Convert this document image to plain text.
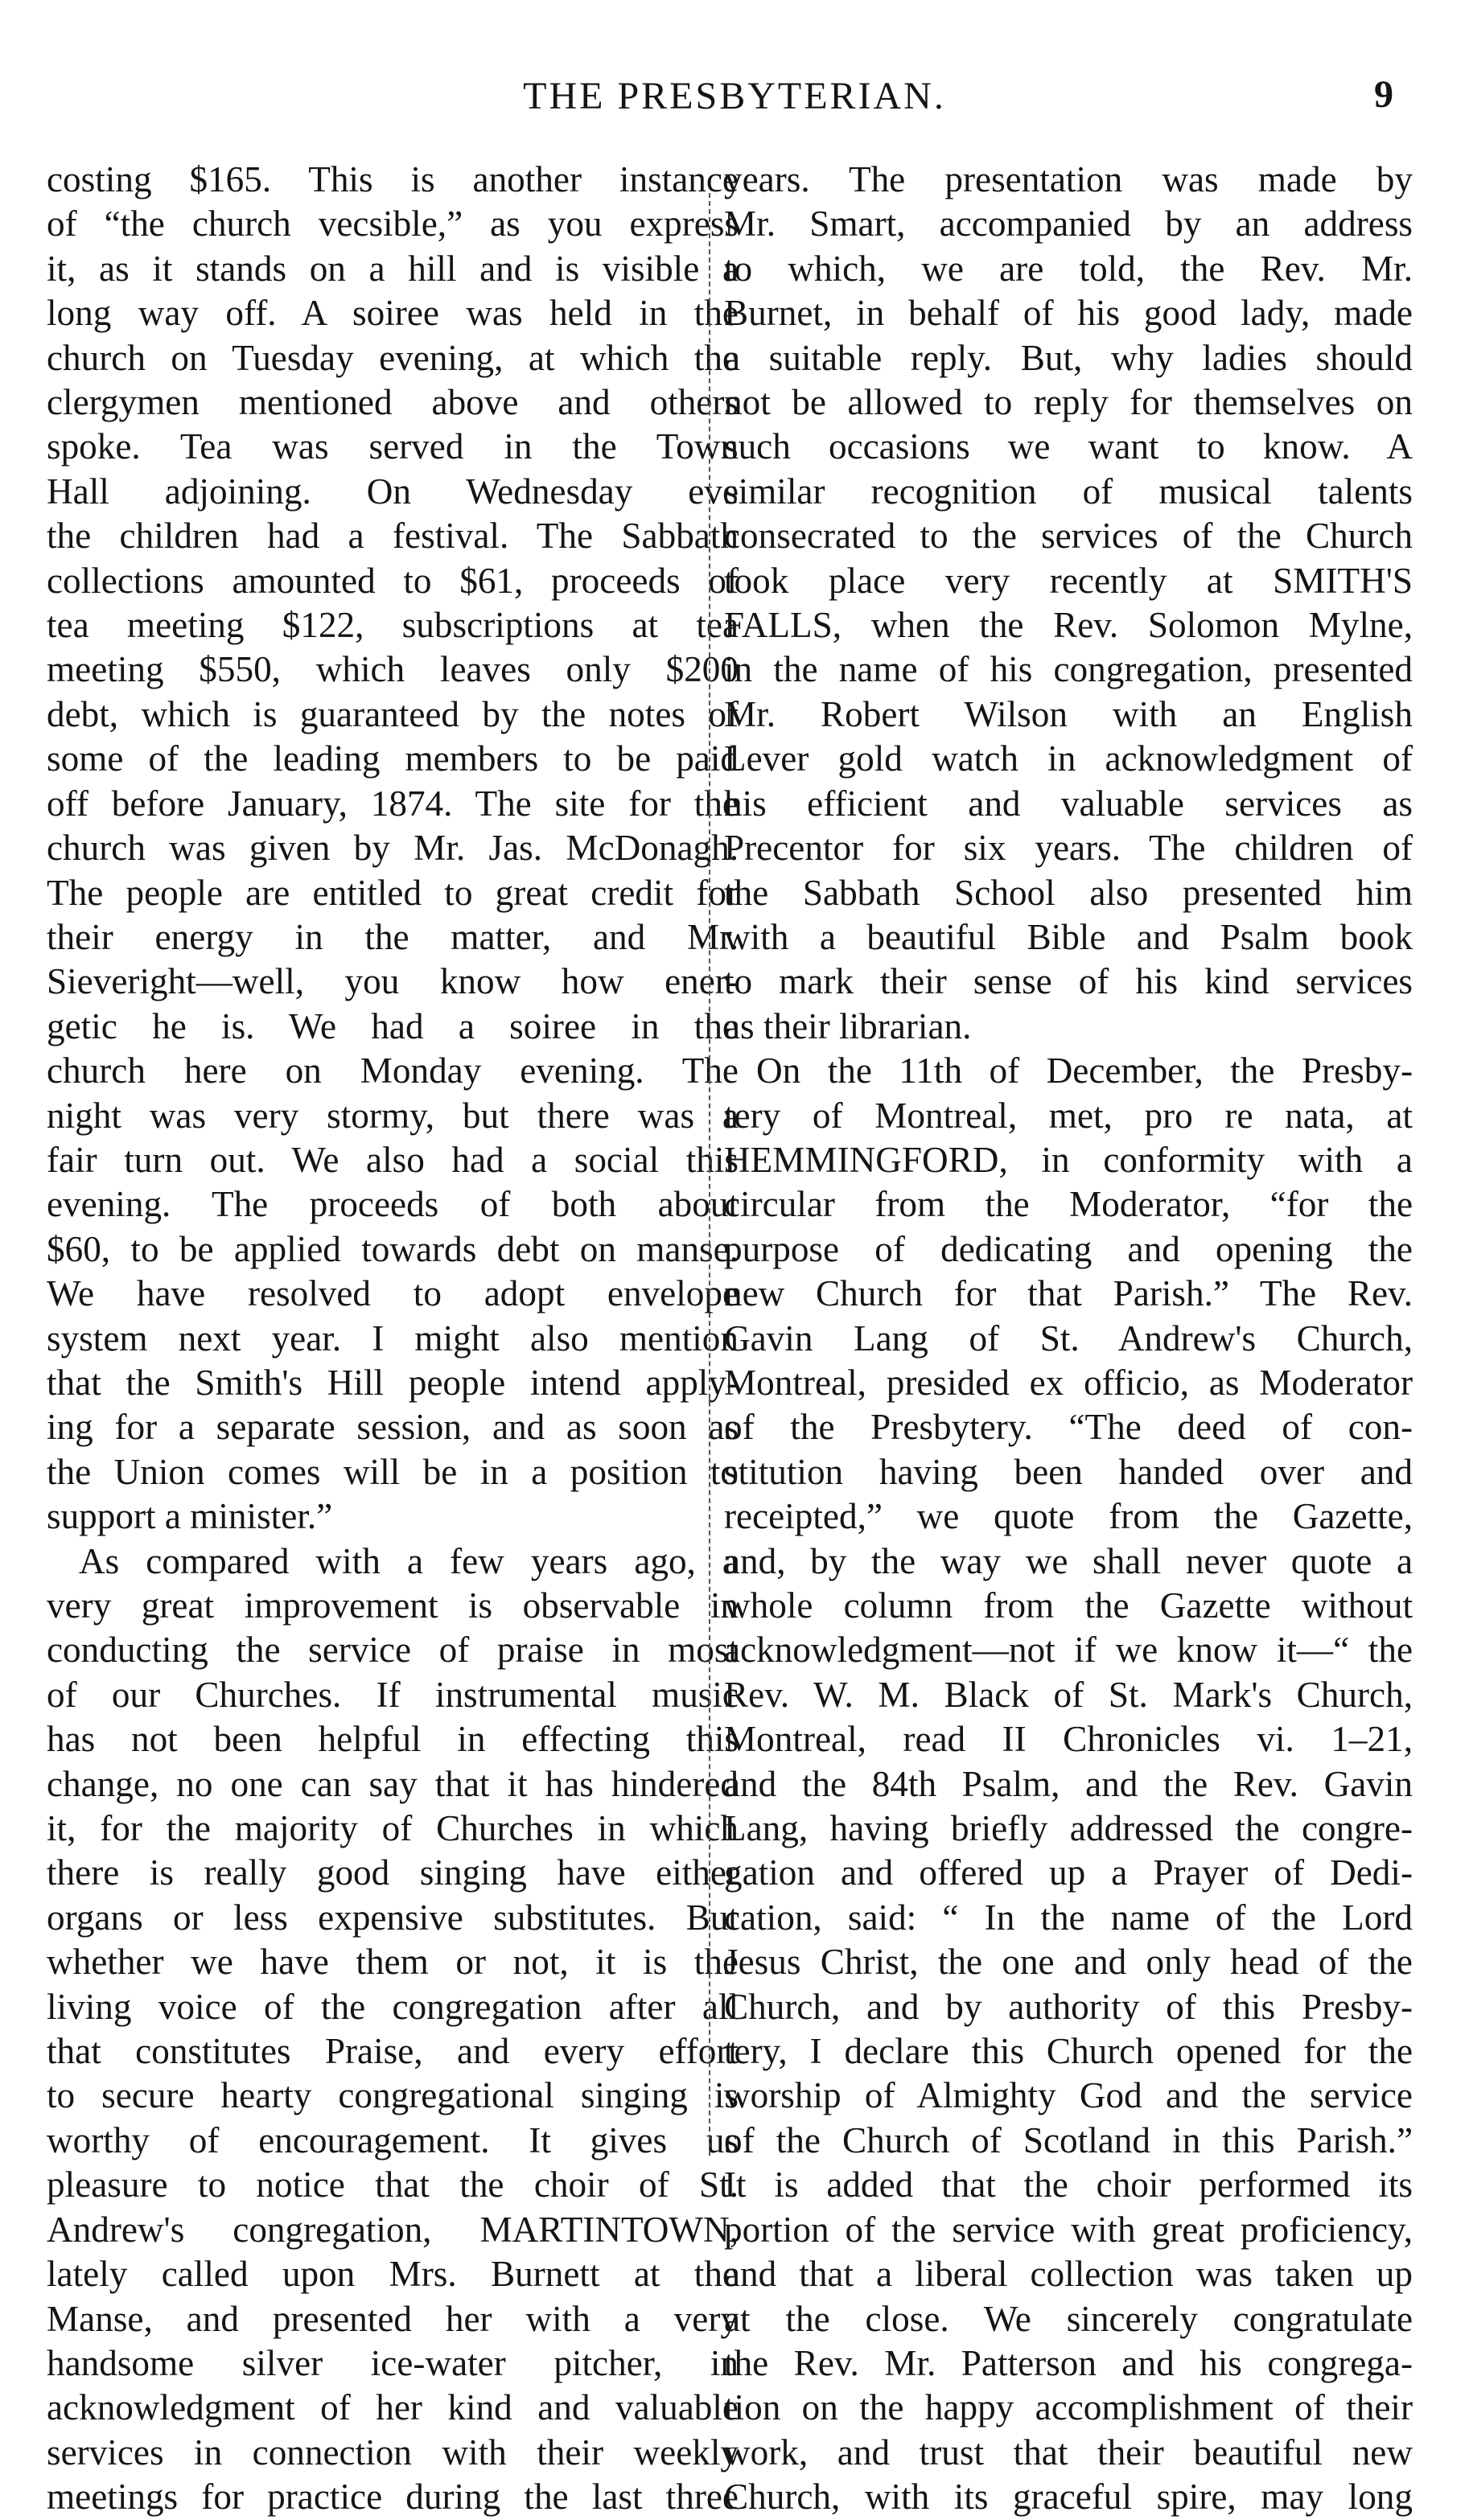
THE PRESBYTERIAN.	9
costing $165. This is another instance
of “the church vecsible,” as you express
it, as it stands on a hill and is visible a
long way off. A soiree was held in the
church on Tuesday evening, at which the
clergymen mentioned above and others
spoke. Tea was served in the Town
Hall adjoining. On Wednesday eve
the children had a festival. The Sabbath
collections amounted to $61, proceeds of
tea meeting $122, subscriptions at tea
meeting $550, which leaves only $200
debt, which is guaranteed by the notes of
some of the leading members to be paid
off before January, 1874. The site for the
church was given by Mr. Jas. McDonagh.
The people are entitled to great credit for
their energy in the matter, and Mr.
Sieveright—well, you know how ener-
getic he is. We had a soiree in the
church here on Monday evening. The
night was very stormy, but there was a
fair turn out. We also had a social this
evening. The proceeds of both about
$60, to be applied towards debt on manse.
We have resolved to adopt envelope
system next year. I might also mention
that the Smith's Hill people intend apply-
ing for a separate session, and as soon as
the Union comes will be in a position to
support a minister.”
As compared with a few years ago, a
very great improvement is observable in
conducting the service of praise in most
of our Churches. If instrumental music
has not been helpful in effecting this
change, no one can say that it has hindered
it, for the majority of Churches in which
there is really good singing have either
organs or less expensive substitutes. But
whether we have them or not, it is the
living voice of the congregation after all
that constitutes Praise, and every effort
to secure hearty congregational singing is
worthy of encouragement. It gives us
pleasure to notice that the choir of St.
Andrew's congregation, MARTINTOWN,
lately called upon Mrs. Burnett at the
Manse, and presented her with a very
handsome silver ice-water pitcher, in
acknowledgment of her kind and valuable
services in connection with their weekly
meetings for practice during the last three
years. The presentation was made by
Mr. Smart, accompanied by an address
to which, we are told, the Rev. Mr.
Burnet, in behalf of his good lady, made
a suitable reply. But, why ladies should
not be allowed to reply for themselves on
such occasions we want to know. A
similar recognition of musical talents
consecrated to the services of the Church
took place very recently at SMITH'S
FALLS, when the Rev. Solomon Mylne,
in the name of his congregation, presented
Mr. Robert Wilson with an English
Lever gold watch in acknowledgment of
his efficient and valuable services as
Precentor for six years. The children of
the Sabbath School also presented him
with a beautiful Bible and Psalm book
to mark their sense of his kind services
as their librarian.
On the 11th of December, the Presby-
tery of Montreal, met, pro re nata, at
HEMMINGFORD, in conformity with a
circular from the Moderator, “for the
purpose of dedicating and opening the
new Church for that Parish.” The Rev.
Gavin Lang of St. Andrew's Church,
Montreal, presided ex officio, as Moderator
of the Presbytery. “The deed of con-
stitution having been handed over and
receipted,” we quote from the Gazette,
and, by the way we shall never quote a
whole column from the Gazette without
acknowledgment—not if we know it—“ the
Rev. W. M. Black of St. Mark's Church,
Montreal, read II Chronicles vi. 1–21,
and the 84th Psalm, and the Rev. Gavin
Lang, having briefly addressed the congre-
gation and offered up a Prayer of Dedi-
cation, said: “ In the name of the Lord
Jesus Christ, the one and only head of the
Church, and by authority of this Presby-
tery, I declare this Church opened for the
worship of Almighty God and the service
of the Church of Scotland in this Parish.”
It is added that the choir performed its
portion of the service with great proficiency,
and that a liberal collection was taken up
at the close. We sincerely congratulate
the Rev. Mr. Patterson and his congrega-
tion on the happy accomplishment of their
work, and trust that their beautiful new
Church, with its graceful spire, may long
